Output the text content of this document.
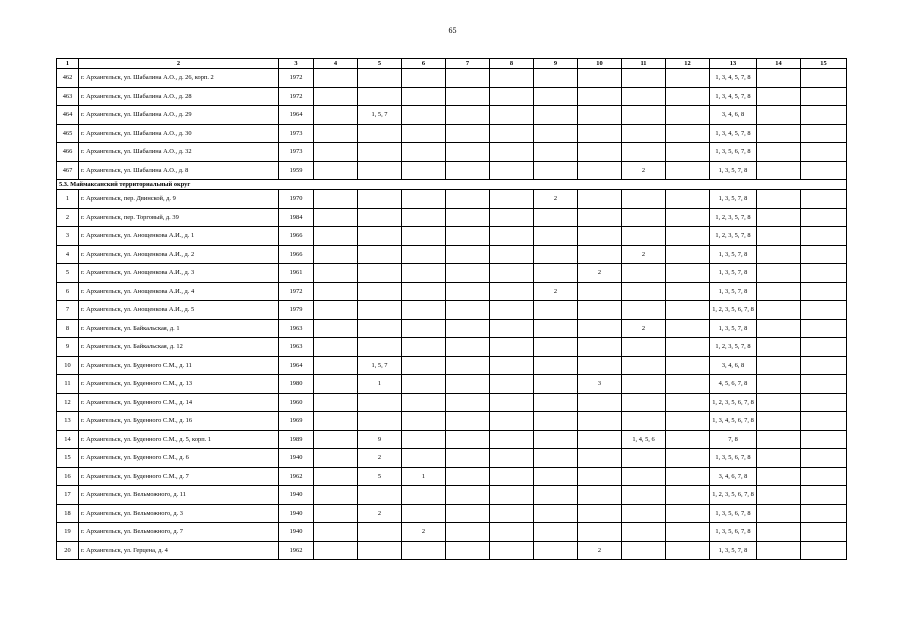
65
1	2	3	4	5	6	7	8	9	10	11	12	13	14	15
462	г. Архангельск, ул. Шабалина А.О., д. 26, корп. 2	1972										1, 3, 4, 5, 7, 8		
463	г. Архангельск, ул. Шабалина А.О., д. 28	1972										1, 3, 4, 5, 7, 8		
464	г. Архангельск, ул. Шабалина А.О., д. 29	1964		1, 5, 7								3, 4, 6, 8		
465	г. Архангельск, ул. Шабалина А.О., д. 30	1973										1, 3, 4, 5, 7, 8		
466	г. Архангельск, ул. Шабалина А.О., д. 32	1973										1, 3, 5, 6, 7, 8		
467	г. Архангельск, ул. Шабалина А.О., д. 8	1959								2		1, 3, 5, 7, 8		
5.3. Маймаксанский территориальный округ														
1	г. Архангельск, пер. Двинской, д. 9	1970						2				1, 3, 5, 7, 8		
2	г. Архангельск, пер. Торговый, д. 39	1984										1, 2, 3, 5, 7, 8		
3	г. Архангельск, ул. Анощенкова А.И., д. 1	1966										1, 2, 3, 5, 7, 8		
4	г. Архангельск, ул. Анощенкова А.И., д. 2	1966								2		1, 3, 5, 7, 8		
5	г. Архангельск, ул. Анощенкова А.И., д. 3	1961							2			1, 3, 5, 7, 8		
6	г. Архангельск, ул. Анощенкова А.И., д. 4	1972						2				1, 3, 5, 7, 8		
7	г. Архангельск, ул. Анощенкова А.И., д. 5	1979										1, 2, 3, 5, 6, 7, 8		
8	г. Архангельск, ул. Байкальская, д. 1	1963								2		1, 3, 5, 7, 8		
9	г. Архангельск, ул. Байкальская, д. 12	1963										1, 2, 3, 5, 7, 8		
10	г. Архангельск, ул. Буденного С.М., д. 11	1964		1, 5, 7								3, 4, 6, 8		
11	г. Архангельск, ул. Буденного С.М., д. 13	1980		1					3			4, 5, 6, 7, 8		
12	г. Архангельск, ул. Буденного С.М., д. 14	1960										1, 2, 3, 5, 6, 7, 8		
13	г. Архангельск, ул. Буденного С.М., д. 16	1969										1, 3, 4, 5, 6, 7, 8		
14	г. Архангельск, ул. Буденного С.М., д. 5, корп. 1	1989		9						1, 4, 5, 6		7, 8		
15	г. Архангельск, ул. Буденного С.М., д. 6	1940		2								1, 3, 5, 6, 7, 8		
16	г. Архангельск, ул. Буденного С.М., д. 7	1962		5	1							3, 4, 6, 7, 8		
17	г. Архангельск, ул. Вельможного, д. 11	1940										1, 2, 3, 5, 6, 7, 8		
18	г. Архангельск, ул. Вельможного, д. 3	1940		2								1, 3, 5, 6, 7, 8		
19	г. Архангельск, ул. Вельможного, д. 7	1940			2							1, 3, 5, 6, 7, 8		
20	г. Архангельск, ул. Герцена, д. 4	1962							2			1, 3, 5, 7, 8		
